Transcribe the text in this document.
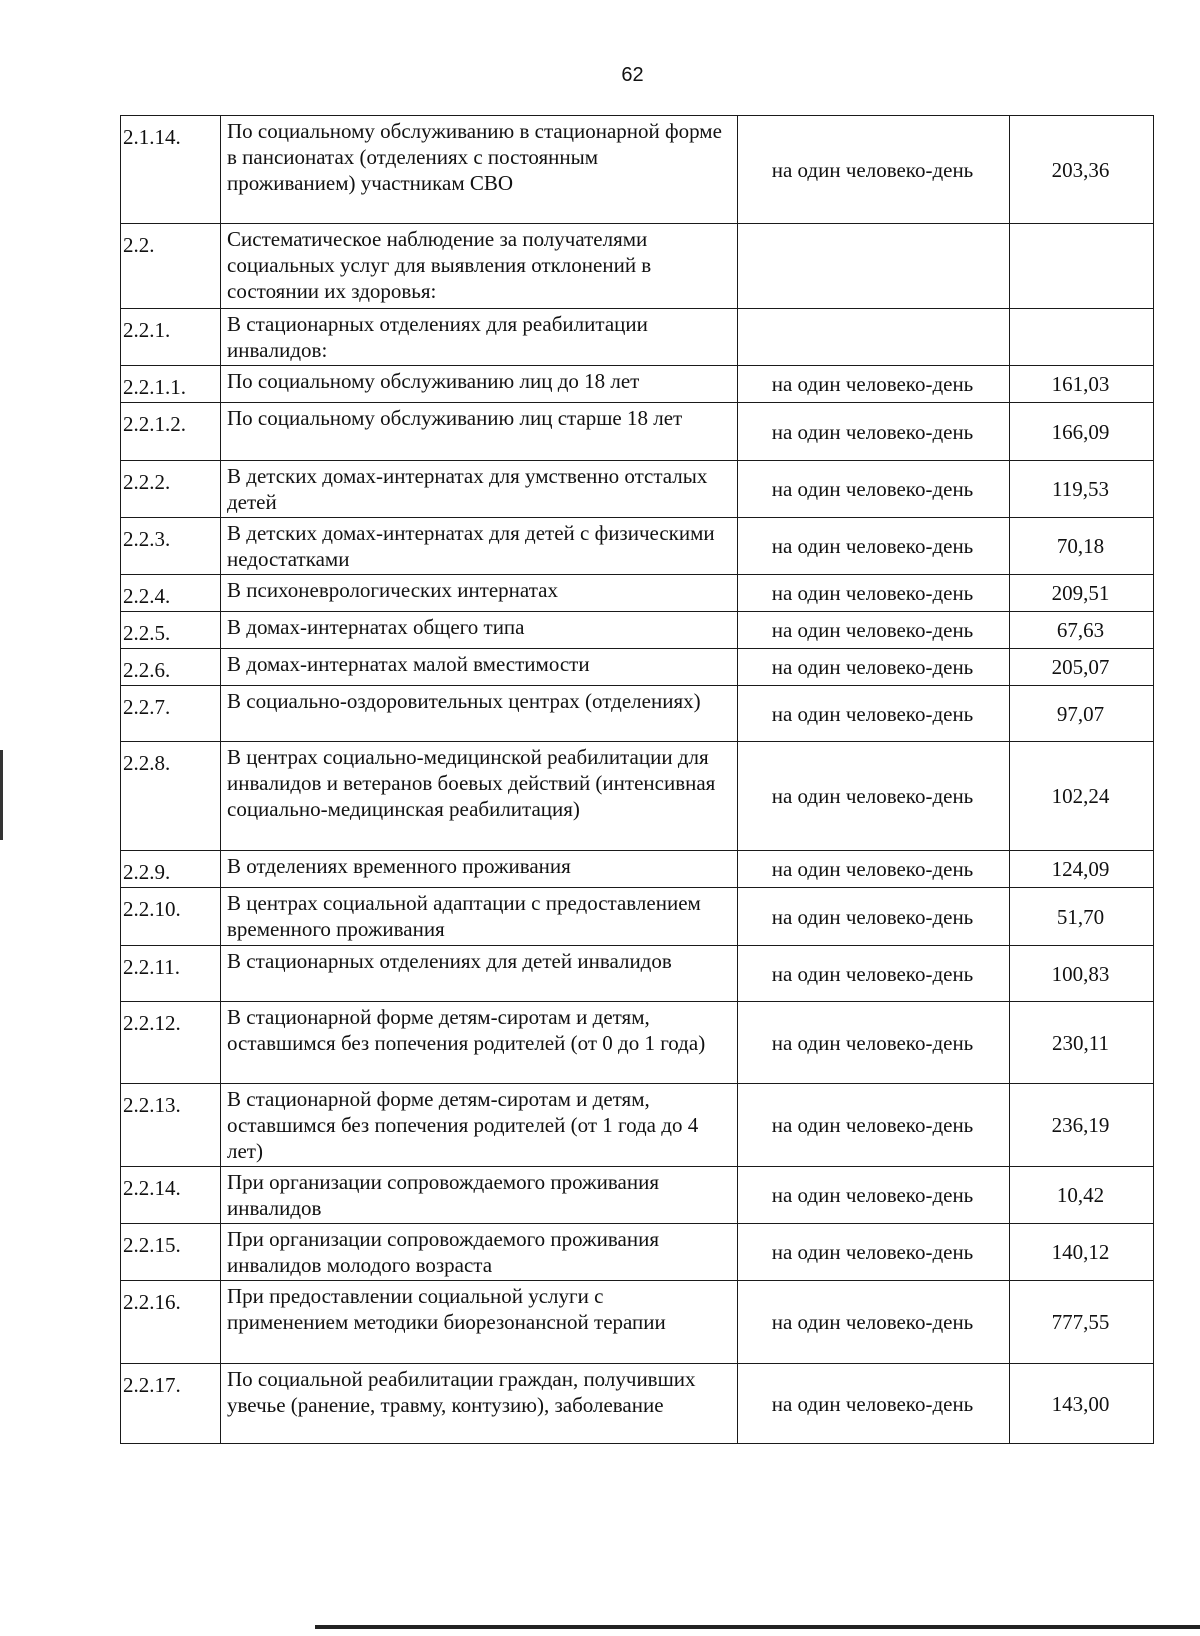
62
2.1.14.	По социальному обслуживанию в стационарной форме в пансионатах (отделениях с постоянным проживанием) участникам СВО	на один человеко-день	203,36
2.2.	Систематическое наблюдение за получателями социальных услуг для выявления отклонений в состоянии их здоровья:		
2.2.1.	В стационарных отделениях для реабилитации инвалидов:		
2.2.1.1.	По социальному обслуживанию лиц до 18 лет	на один человеко-день	161,03
2.2.1.2.	По социальному обслуживанию лиц старше 18 лет	на один человеко-день	166,09
2.2.2.	В детских домах-интернатах для умственно отсталых детей	на один человеко-день	119,53
2.2.3.	В детских домах-интернатах для детей с физическими недостатками	на один человеко-день	70,18
2.2.4.	В психоневрологических интернатах	на один человеко-день	209,51
2.2.5.	В домах-интернатах общего типа	на один человеко-день	67,63
2.2.6.	В домах-интернатах малой вместимости	на один человеко-день	205,07
2.2.7.	В социально-оздоровительных центрах (отделениях)	на один человеко-день	97,07
2.2.8.	В центрах социально-медицинской реабилитации для инвалидов и ветеранов боевых действий (интенсивная социально-медицинская реабилитация)	на один человеко-день	102,24
2.2.9.	В отделениях временного проживания	на один человеко-день	124,09
2.2.10.	В центрах социальной адаптации с предоставлением временного проживания	на один человеко-день	51,70
2.2.11.	В стационарных отделениях для детей инвалидов	на один человеко-день	100,83
2.2.12.	В стационарной форме детям-сиротам и детям, оставшимся без попечения родителей (от 0 до 1 года)	на один человеко-день	230,11
2.2.13.	В стационарной форме детям-сиротам и детям, оставшимся без попечения родителей (от 1 года до 4 лет)	на один человеко-день	236,19
2.2.14.	При организации сопровождаемого проживания инвалидов	на один человеко-день	10,42
2.2.15.	При организации сопровождаемого проживания инвалидов молодого возраста	на один человеко-день	140,12
2.2.16.	При предоставлении социальной услуги с применением методики биорезонансной терапии	на один человеко-день	777,55
2.2.17.	По социальной реабилитации граждан, получивших увечье (ранение, травму, контузию), заболевание	на один человеко-день	143,00
